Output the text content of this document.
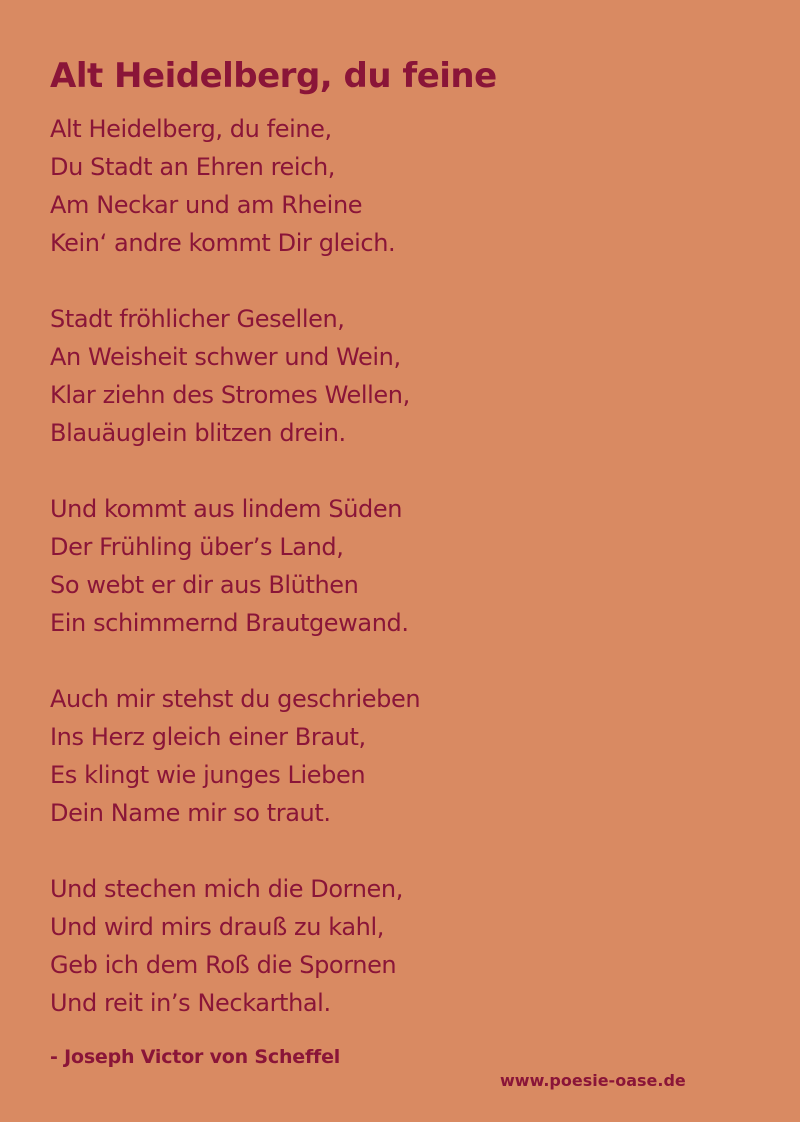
Alt Heidelberg, du feine
Alt Heidelberg, du feine,
Du Stadt an Ehren reich,
Am Neckar und am Rheine
Kein‘ andre kommt Dir gleich.
Stadt fröhlicher Gesellen,
An Weisheit schwer und Wein,
Klar ziehn des Stromes Wellen,
Blauäuglein blitzen drein.
Und kommt aus lindem Süden
Der Frühling über’s Land,
So webt er dir aus Blüthen
Ein schimmernd Brautgewand.
Auch mir stehst du geschrieben
Ins Herz gleich einer Braut,
Es klingt wie junges Lieben
Dein Name mir so traut.
Und stechen mich die Dornen,
Und wird mirs drauß zu kahl,
Geb ich dem Roß die Spornen
Und reit in’s Neckarthal.
- Joseph Victor von Scheffel
www.poesie-oase.de
